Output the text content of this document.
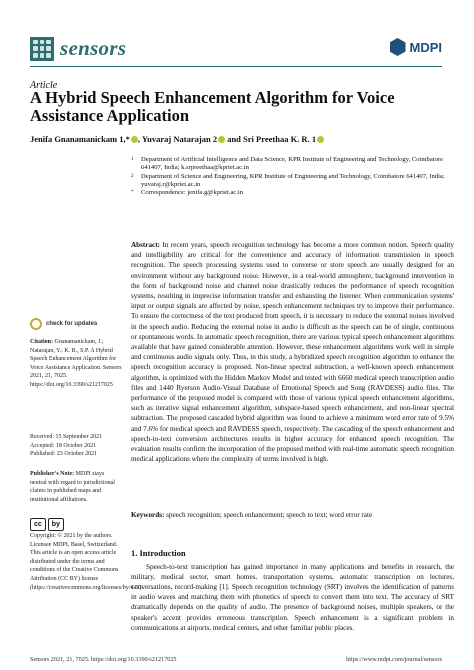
sensors	MDPI
Article
A Hybrid Speech Enhancement Algorithm for Voice Assistance Application
Jenifa Gnanamanickam 1,* , Yuvaraj Natarajan 2 and Sri Preethaa K. R. 1
1	Department of Artificial Intelligence and Data Science, KPR Institute of Engineering and Technology, Coimbatore 641407, India; k.srpreethaa@kpriet.ac.in
2	Department of Science and Engineering, KPR Institute of Engineering and Technology, Coimbatore 641407, India; yuvaraj.r@kpriet.ac.in
*	Correspondence: jenifa.g@kpriet.ac.in
Abstract: In recent years, speech recognition technology has become a more common notion. Speech quality and intelligibility are critical for the convenience and accuracy of information transmission in speech recognition. The speech processing systems used to converse or store speech are usually designed for an environment without any background noise. However, in a real-world atmosphere, background intervention in the form of background noise and channel noise drastically reduces the performance of speech recognition systems, resulting in imprecise information transfer and exhausting the listener. When communication systems' input or output signals are affected by noise, speech enhancement techniques try to improve their performance. To ensure the correctness of the text produced from speech, it is necessary to reduce the external noises involved in the speech audio. Reducing the external noise in audio is difficult as the speech can be of single, continuous or spontaneous words. In automatic speech recognition, there are various typical speech enhancement algorithms available that have gained considerable attention. However, these enhancement algorithms work well in simple and continuous audio signals only. Thus, in this study, a hybridized speech recognition algorithm to enhance the speech recognition accuracy is proposed. Non-linear spectral subtraction, a well-known speech enhancement algorithm, is optimized with the Hidden Markov Model and tested with 6660 medical speech transcription audio files and 1440 Ryerson Audio-Visual Database of Emotional Speech and Song (RAVDESS) audio files. The performance of the proposed model is compared with those of various typical speech enhancement algorithms, such as iterative signal enhancement algorithm, subspace-based speech enhancement, and non-linear spectral subtraction. The proposed cascaded hybrid algorithm was found to achieve a minimum word error rate of 9.5% and 7.6% for medical speech and RAVDESS speech, respectively. The cascading of the speech enhancement and speech-to-text conversion architectures results in higher accuracy for enhanced speech recognition. The evaluation results confirm the incorporation of the proposed method with real-time automatic speech recognition medical applications where the complexity of terms involved is high.
Keywords: speech recognition; speech enhancement; speech to text; word error rate
1. Introduction

Speech-to-text transcription has gained importance in many applications and benefits in research, the military, medical sector, smart homes, transportation systems, automatic transcription on lectures, conversations, record-making [1]. Speech recognition technology (SRT) involves the identification of patterns in audio waves and matching them with phonetics of speech to convert them into text. The accuracy of SRT dramatically depends on the quality of audio. The presence of background noises, multiple speakers, or the speaker's accent provides erroneous transcription. Speech enhancement is a significant problem in communications at airports, medical centers, and other familiar public places.

check for updates
Citation: Gnanamanickam, J.; Natarajan, Y.; K. R., S.P. A Hybrid Speech Enhancement Algorithm for Voice Assistance Application. Sensors 2021, 21, 7025. https://doi.org/10.3390/s21217025
Received: 15 September 2021
Accepted: 18 October 2021
Published: 23 October 2021
Publisher's Note: MDPI stays neutral with regard to jurisdictional claims in published maps and institutional affiliations.
cc	by
Copyright: © 2021 by the authors. Licensee MDPI, Basel, Switzerland. This article is an open access article distributed under the terms and conditions of the Creative Commons Attribution (CC BY) license (https://creativecommons.org/licenses/by/4.0/).
Sensors 2021, 21, 7025. https://doi.org/10.3390/s21217025	https://www.mdpi.com/journal/sensors
